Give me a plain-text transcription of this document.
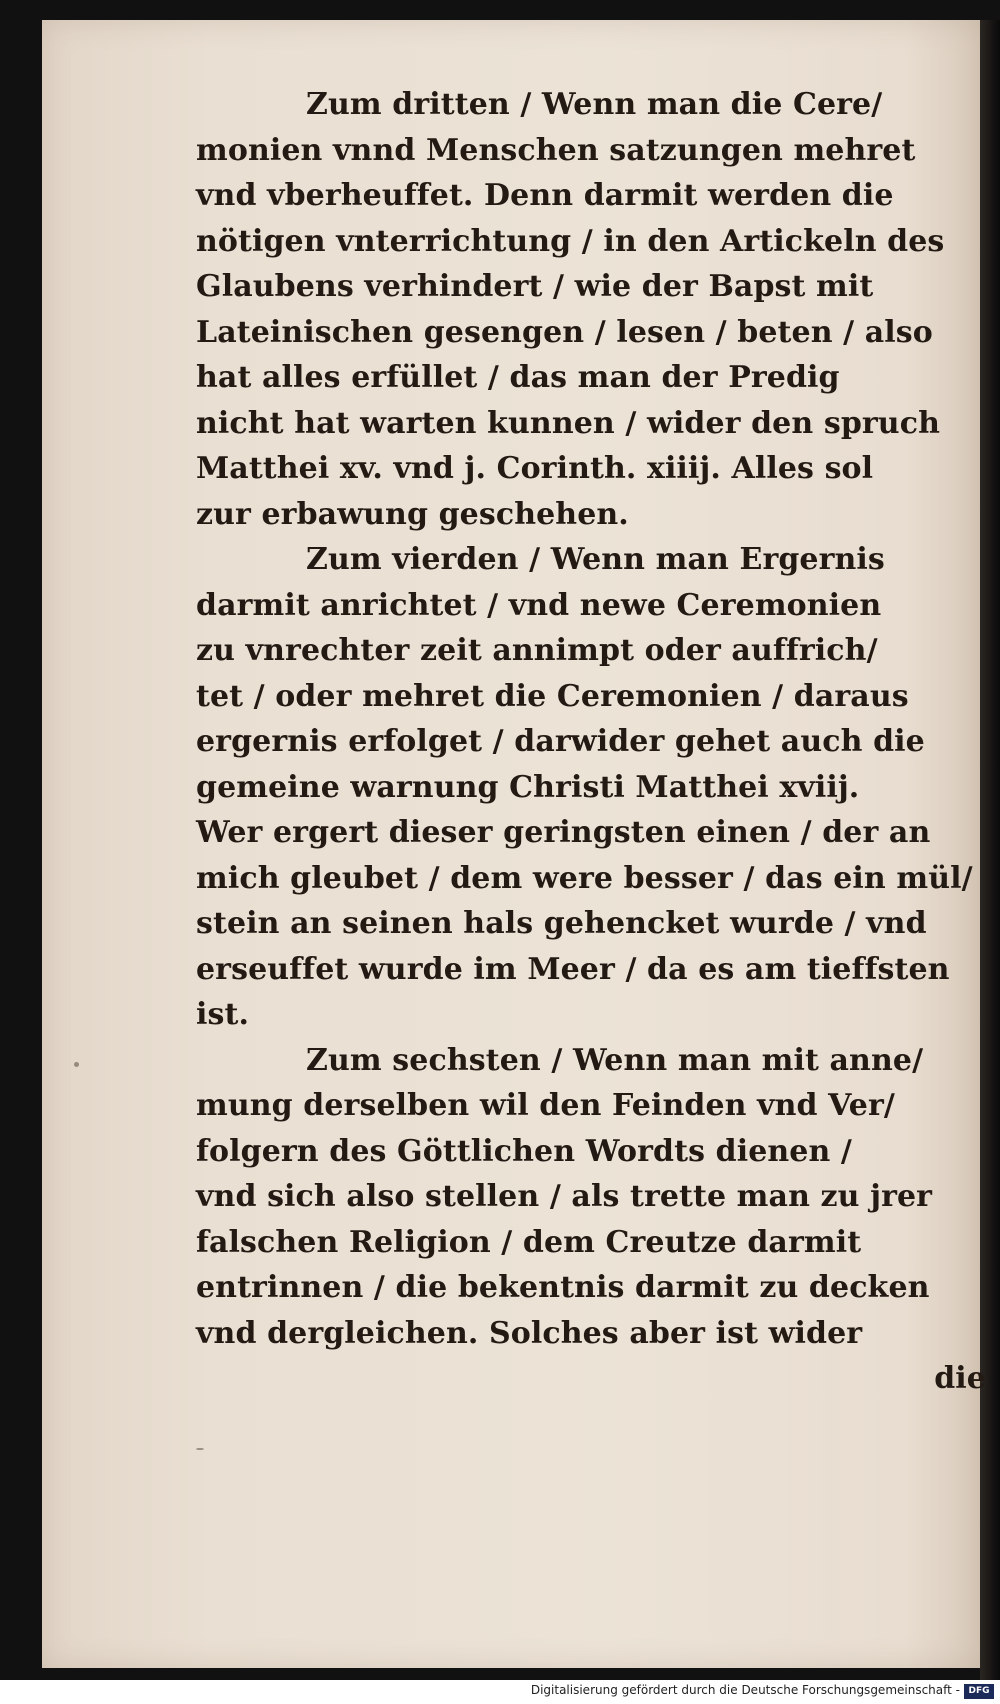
Zum dritten / Wenn man die Cere/
monien vnnd Menschen satzungen mehret
vnd vberheuffet. Denn darmit werden die
nötigen vnterrichtung / in den Artickeln des
Glaubens verhindert / wie der Bapst mit
Lateinischen gesengen / lesen / beten / also
hat alles erfüllet / das man der Predig
nicht hat warten kunnen / wider den spruch
Matthei xv. vnd j. Corinth. xiiij. Alles sol
zur erbawung geschehen.
Zum vierden / Wenn man Ergernis
darmit anrichtet / vnd newe Ceremonien
zu vnrechter zeit annimpt oder auffrich/
tet / oder mehret die Ceremonien / daraus
ergernis erfolget / darwider gehet auch die
gemeine warnung Christi Matthei xviij.
Wer ergert dieser geringsten einen / der an
mich gleubet / dem were besser / das ein mül/
stein an seinen hals gehencket wurde / vnd
erseuffet wurde im Meer / da es am tieffsten
ist.
Zum sechsten / Wenn man mit anne/
mung derselben wil den Feinden vnd Ver/
folgern des Göttlichen Wordts dienen /
vnd sich also stellen / als trette man zu jrer
falschen Religion / dem Creutze darmit
entrinnen / die bekentnis darmit zu decken
vnd dergleichen. Solches aber ist wider
die
Digitalisierung gefördert durch die Deutsche Forschungsgemeinschaft - DFG
